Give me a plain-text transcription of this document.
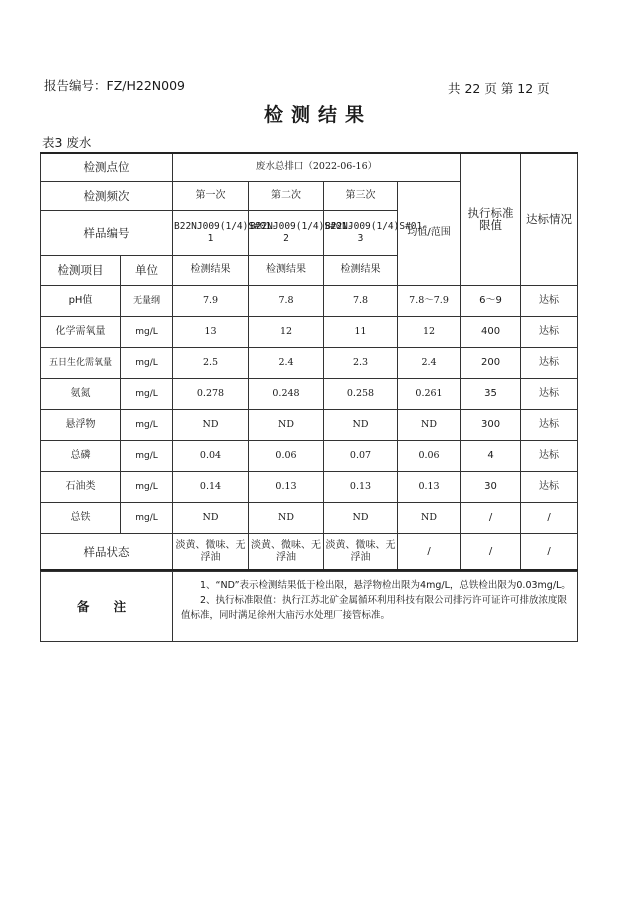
报告编号：FZ/H22N009	共 22 页 第 12 页
检测结果
表3 废水
检测点位		废水总排口（2022-06-16）				执行标准限值	达标情况
检测频次		第一次	第二次	第三次	均值/范围		
样品编号		B22NJ009(1/4)S#01-1	B22NJ009(1/4)S#01-2	B22NJ009(1/4)S#01-3			
检测项目	单位	检测结果	检测结果	检测结果			
pH值	无量纲	7.9	7.8	7.8	7.8～7.9	6～9	达标
化学需氧量	mg/L	13	12	11	12	400	达标
五日生化需氧量	mg/L	2.5	2.4	2.3	2.4	200	达标
氨氮	mg/L	0.278	0.248	0.258	0.261	35	达标
悬浮物	mg/L	ND	ND	ND	ND	300	达标
总磷	mg/L	0.04	0.06	0.07	0.06	4	达标
石油类	mg/L	0.14	0.13	0.13	0.13	30	达标
总铁	mg/L	ND	ND	ND	ND	/	/
样品状态		淡黄、微味、无浮油	淡黄、微味、无浮油	淡黄、微味、无浮油	/	/	/
备 注	

1、“ND”表示检测结果低于检出限，悬浮物检出限为4mg/L，总铁检出限为0.03mg/L。

2、执行标准限值：执行江苏北矿金属循环利用科技有限公司排污许可证许可排放浓度限值标准，同时满足徐州大庙污水处理厂接管标准。
